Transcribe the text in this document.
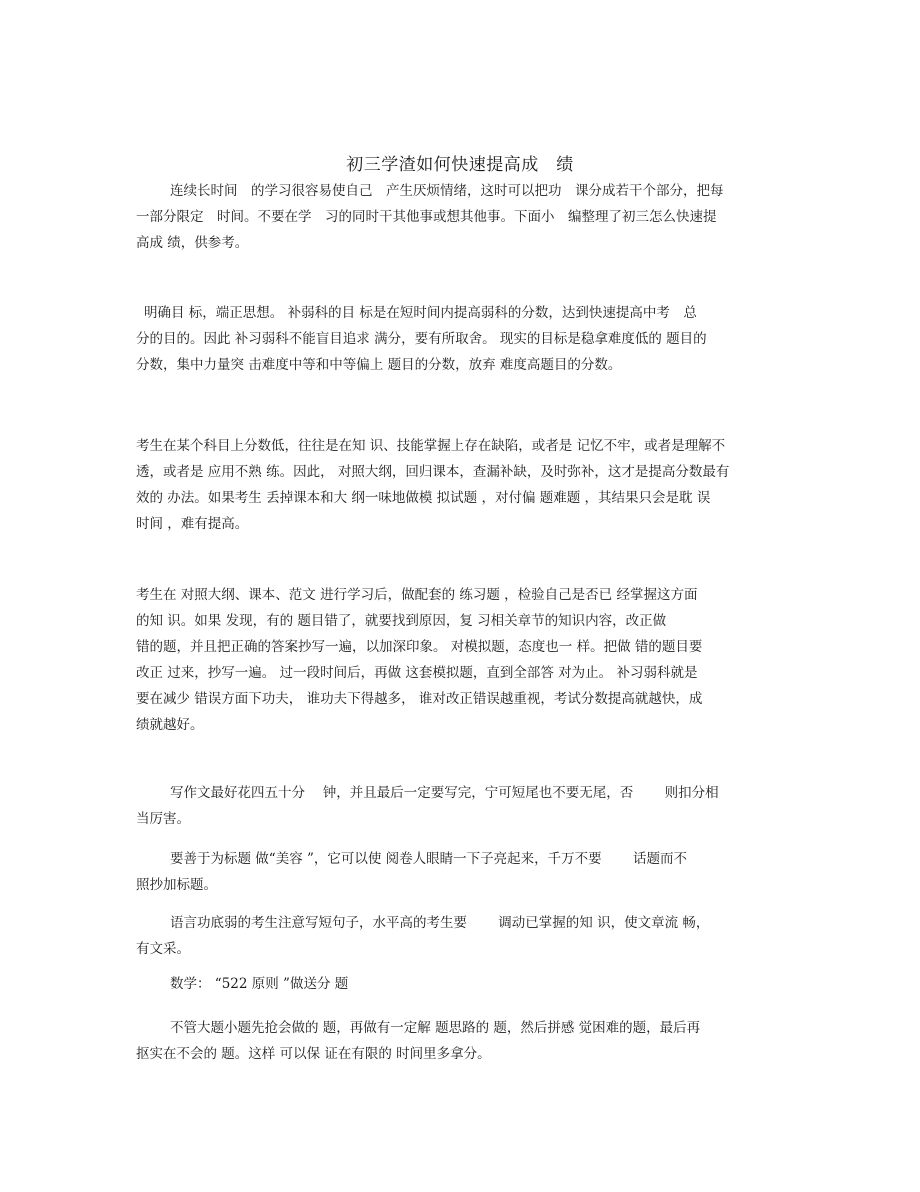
初三学渣如何快速提高成　绩
连续长时间　的学习很容易使自己　产生厌烦情绪，这时可以把功　课分成若干个部分，把每
一部分限定　时间。不要在学　习的同时干其他事或想其他事。下面小　编整理了初三怎么快速提
高成 绩，供参考。
明确目 标，端正思想。 补弱科的目 标是在短时间内提高弱科的分数，达到快速提高中考　总
分的目的。因此 补习弱科不能盲目追求 满分，要有所取舍。 现实的目标是稳拿难度低的 题目的
分数，集中力量突 击难度中等和中等偏上 题目的分数，放弃 难度高题目的分数。
考生在某个科目上分数低，往往是在知 识、技能掌握上存在缺陷，或者是 记忆不牢，或者是理解不
透，或者是 应用不熟 练。因此， 对照大纲，回归课本，查漏补缺，及时弥补，这才是提高分数最有
效的 办法。如果考生 丢掉课本和大 纲一味地做模 拟试题 ，对付偏 题难题 ，其结果只会是耽 误
时间 ，难有提高。
考生在 对照大纲、课本、范文 进行学习后，做配套的 练习题 ，检验自己是否已 经掌握这方面
的知 识。如果 发现，有的 题目错了，就要找到原因，复 习相关章节的知识内容，改正做
错的题，并且把正确的答案抄写一遍，以加深印象。 对模拟题，态度也一 样。把做 错的题目要
改正 过来，抄写一遍。 过一段时间后，再做 这套模拟题，直到全部答 对为止。 补习弱科就是
要在减少 错误方面下功夫， 谁功夫下得越多， 谁对改正错误越重视，考试分数提高就越快，成
绩就越好。
写作文最好花四五十分　 钟，并且最后一定要写完，宁可短尾也不要无尾，否　　 则扣分相
当厉害。
要善于为标题 做“美容 ”，它可以使 阅卷人眼睛一下子亮起来，千万不要　　 话题而不
照抄加标题。
语言功底弱的考生注意写短句子，水平高的考生要　　 调动已掌握的知 识，使文章流 畅，
有文采。
数学： “522 原则 ”做送分 题
不管大题小题先抢会做的 题，再做有一定解 题思路的 题，然后拼感 觉困难的题，最后再
抠实在不会的 题。这样 可以保 证在有限的 时间里多拿分。
